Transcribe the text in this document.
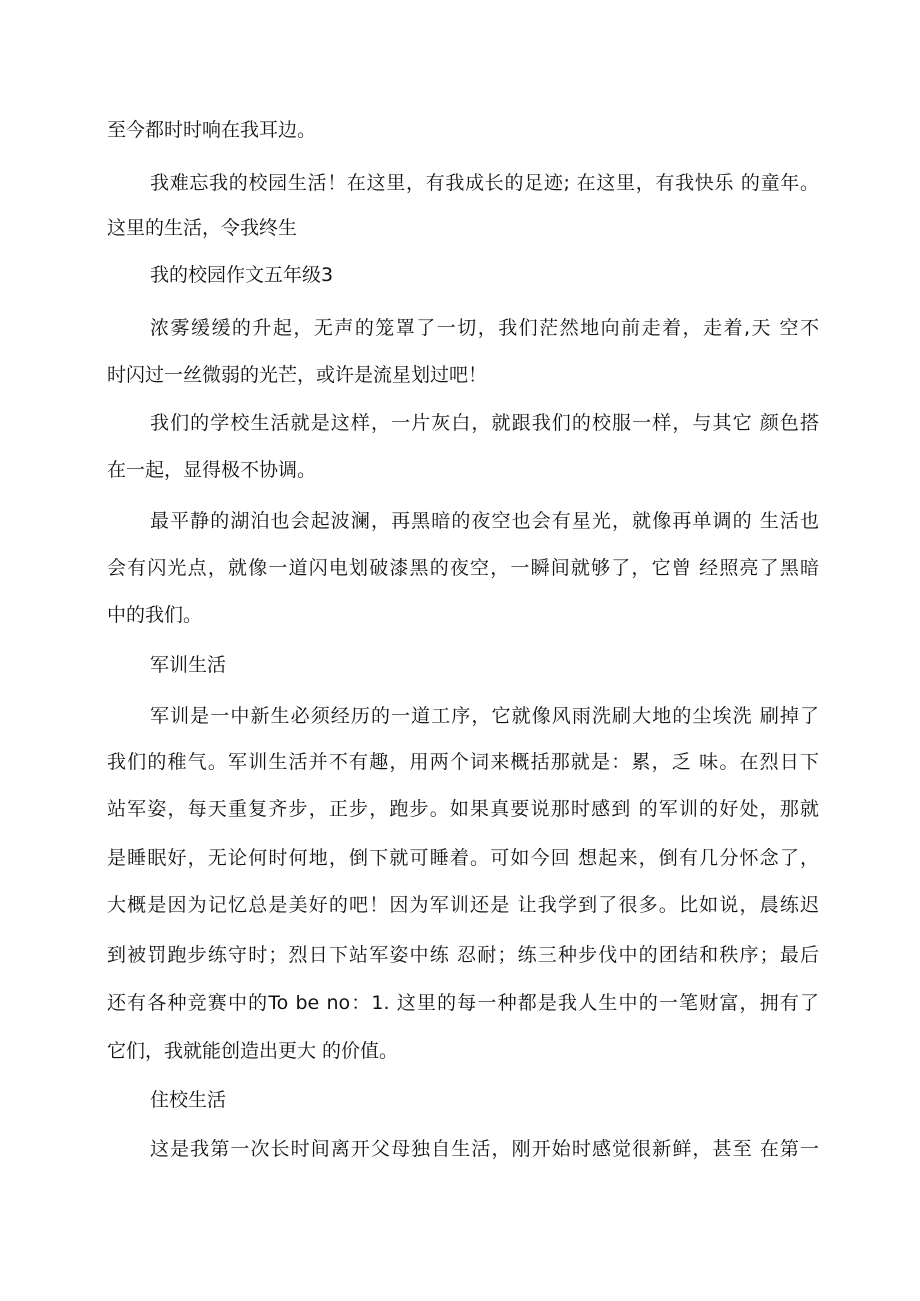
至今都时时响在我耳边。
我难忘我的校园生活！在这里，有我成长的足迹; 在这里，有我快乐 的童年。
这里的生活，令我终生
我的校园作文五年级3
浓雾缓缓的升起，无声的笼罩了一切，我们茫然地向前走着，走着,天 空不
时闪过一丝微弱的光芒，或许是流星划过吧！
我们的学校生活就是这样，一片灰白，就跟我们的校服一样，与其它 颜色搭
在一起，显得极不协调。
最平静的湖泊也会起波澜，再黑暗的夜空也会有星光，就像再单调的 生活也
会有闪光点，就像一道闪电划破漆黑的夜空，一瞬间就够了，它曾 经照亮了黑暗
中的我们。
军训生活
军训是一中新生必须经历的一道工序，它就像风雨洗刷大地的尘埃洗 刷掉了
我们的稚气。军训生活并不有趣，用两个词来概括那就是：累，乏 味。在烈日下
站军姿，每天重复齐步，正步，跑步。如果真要说那时感到 的军训的好处，那就
是睡眠好，无论何时何地，倒下就可睡着。可如今回 想起来，倒有几分怀念了，
大概是因为记忆总是美好的吧！因为军训还是 让我学到了很多。比如说，晨练迟
到被罚跑步练守时；烈日下站军姿中练 忍耐；练三种步伐中的团结和秩序；最后
还有各种竞赛中的To be no：1. 这里的每一种都是我人生中的一笔财富，拥有了
它们，我就能创造出更大 的价值。
住校生活
这是我第一次长时间离开父母独自生活，刚开始时感觉很新鲜，甚至 在第一
